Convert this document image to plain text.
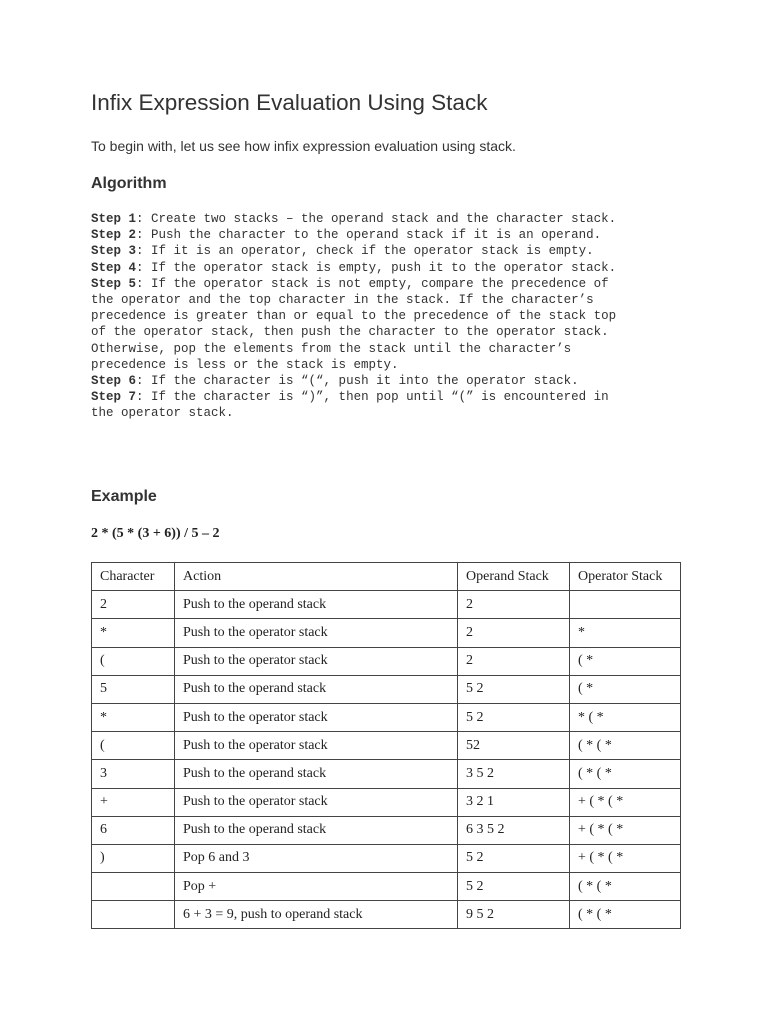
Infix Expression Evaluation Using Stack

To begin with, let us see how infix expression evaluation using stack.

Algorithm
Step 1: Create two stacks – the operand stack and the character stack.
Step 2: Push the character to the operand stack if it is an operand.
Step 3: If it is an operator, check if the operator stack is empty.
Step 4: If the operator stack is empty, push it to the operator stack.
Step 5: If the operator stack is not empty, compare the precedence of
the operator and the top character in the stack. If the character’s
precedence is greater than or equal to the precedence of the stack top
of the operator stack, then push the character to the operator stack.
Otherwise, pop the elements from the stack until the character’s
precedence is less or the stack is empty.
Step 6: If the character is “(“, push it into the operator stack.
Step 7: If the character is “)”, then pop until “(” is encountered in
the operator stack.
Example

2 * (5 * (3 + 6)) / 5 – 2

Character	Action	Operand Stack	Operator Stack
2	Push to the operand stack	2	
*	Push to the operator stack	2	*
(	Push to the operator stack	2	( *
5	Push to the operand stack	5 2	( *
*	Push to the operator stack	5 2	* ( *
(	Push to the operator stack	52	( * ( *
3	Push to the operand stack	3 5 2	( * ( *
+	Push to the operator stack	3 2 1	+ ( * ( *
6	Push to the operand stack	6 3 5 2	+ ( * ( *
)	Pop 6 and 3	5 2	+ ( * ( *
	Pop +	5 2	( * ( *
	6 + 3 = 9, push to operand stack	9 5 2	( * ( *
